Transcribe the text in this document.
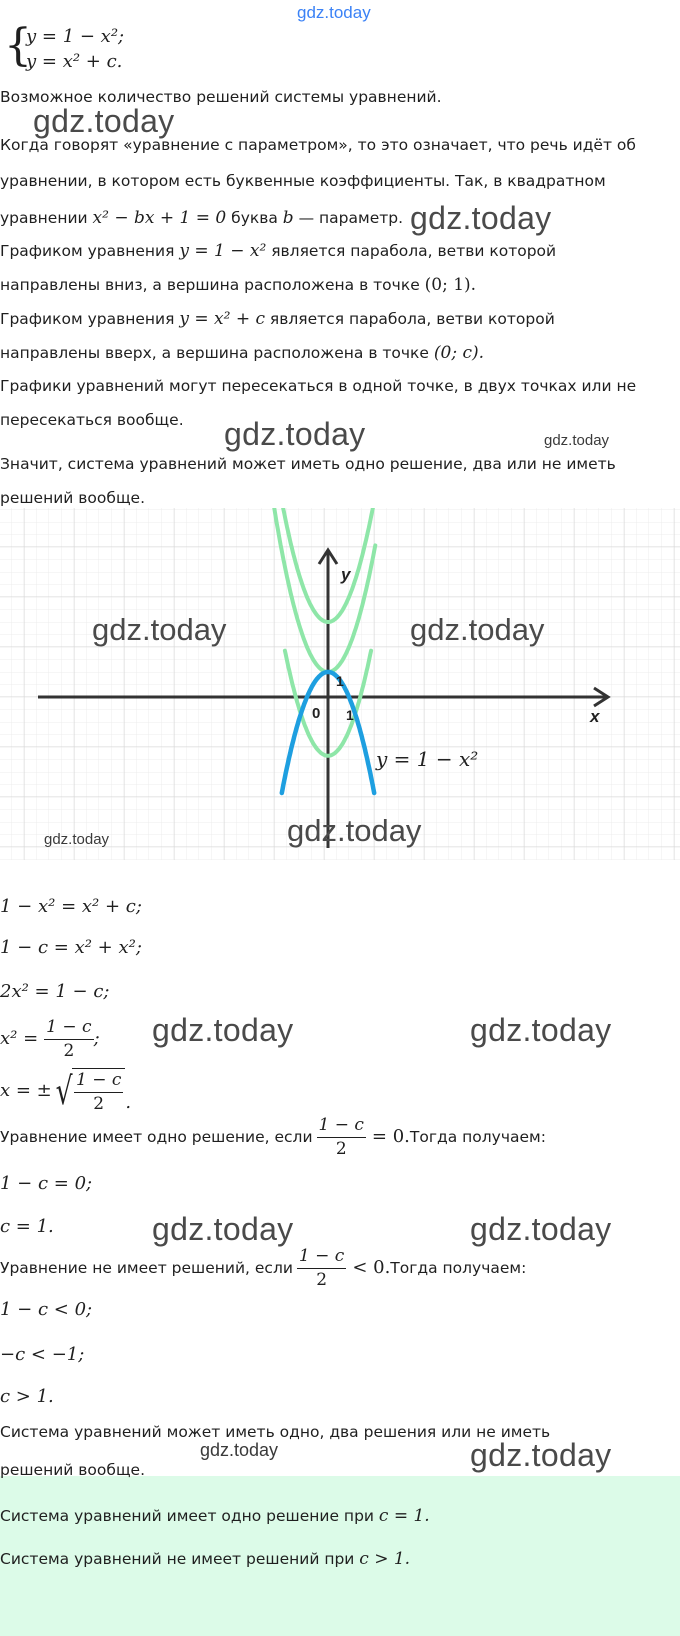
gdz.today
{
y = 1 − x²;
y = x² + c.
Возможное количество решений системы уравнений.
gdz.today
Когда говорят «уравнение с параметром», то это означает, что речь идёт об
уравнении, в котором есть буквенные коэффициенты. Так, в квадратном
уравнении x² − bx + 1 = 0 буква b — параметр. gdz.today
Графиком уравнения y = 1 − x² является парабола, ветви которой
направлены вниз, а вершина расположена в точке (0; 1).
Графиком уравнения y = x² + c является парабола, ветви которой
направлены вверх, а вершина расположена в точке (0; c).
Графики уравнений могут пересекаться в одной точке, в двух точках или не
пересекаться вообще. gdz.today	gdz.today
Значит, система уравнений может иметь одно решение, два или не иметь
решений вообще.
x
y
0 1
1
y = 1 − x²
gdz.today	gdz.today
gdz.today
gdz.today
1 − x² = x² + c;
1 − c = x² + x²;
2x² = 1 − c;
$x^2 = \frac{1 - c}{2}$ ; gdz.today	gdz.today
x = ± √ $\frac{1 - c}{2}$ .
Уравнение имеет одно решение, если $\frac{1 - c}{2} = 0$. Тогда получаем:
1 − c = 0;
c = 1.	gdz.today	gdz.today
Уравнение не имеет решений, если $\frac{1 - c}{2} < 0$. Тогда получаем:
1 − c < 0;
−c < −1;
c > 1.
Система уравнений может иметь одно, два решения или не иметь
решений вообще.
gdz.today	gdz.today
Система уравнений имеет одно решение при c = 1.
Система уравнений не имеет решений при c > 1.
